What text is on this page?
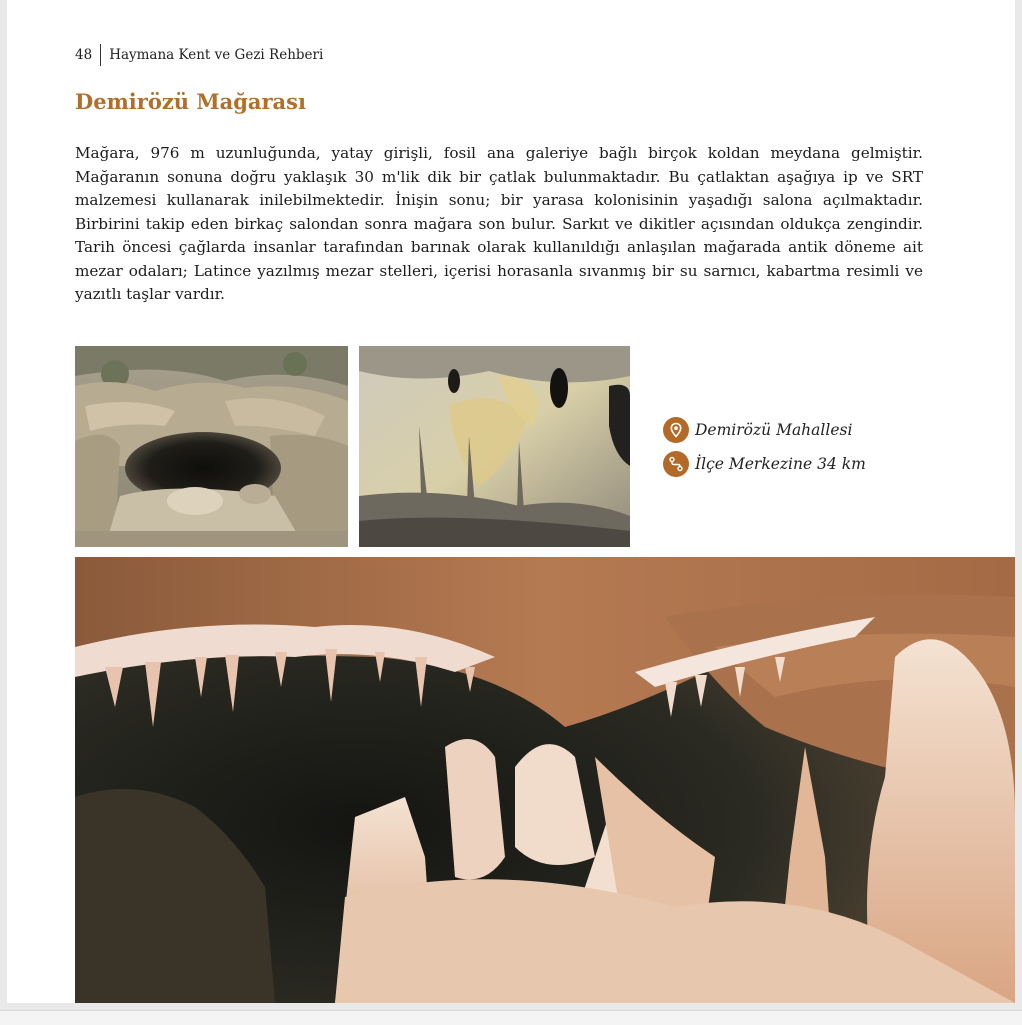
48	Haymana Kent ve Gezi Rehberi
Demirözü Mağarası

Mağara, 976 m uzunluğunda, yatay girişli, fosil ana galeriye bağlı birçok koldan meydana gelmiştir. Mağaranın sonuna doğru yaklaşık 30 m'lik dik bir çatlak bulunmaktadır. Bu çatlaktan aşağıya ip ve SRT malzemesi kullanarak inilebilmektedir. İnişin sonu; bir yarasa kolonisinin yaşadığı salona açılmaktadır. Birbirini takip eden birkaç salondan sonra mağara son bulur. Sarkıt ve dikitler açısından oldukça zengindir. Tarih öncesi çağlarda insanlar tarafından barınak olarak kullanıldığı anlaşılan mağarada antik döneme ait mezar odaları; Latince yazılmış mezar stelleri, içerisi horasanla sıvanmış bir su sarnıcı, kabartma resimli ve yazıtlı taşlar vardır.

Demirözü Mahallesi
İlçe Merkezine 34 km
